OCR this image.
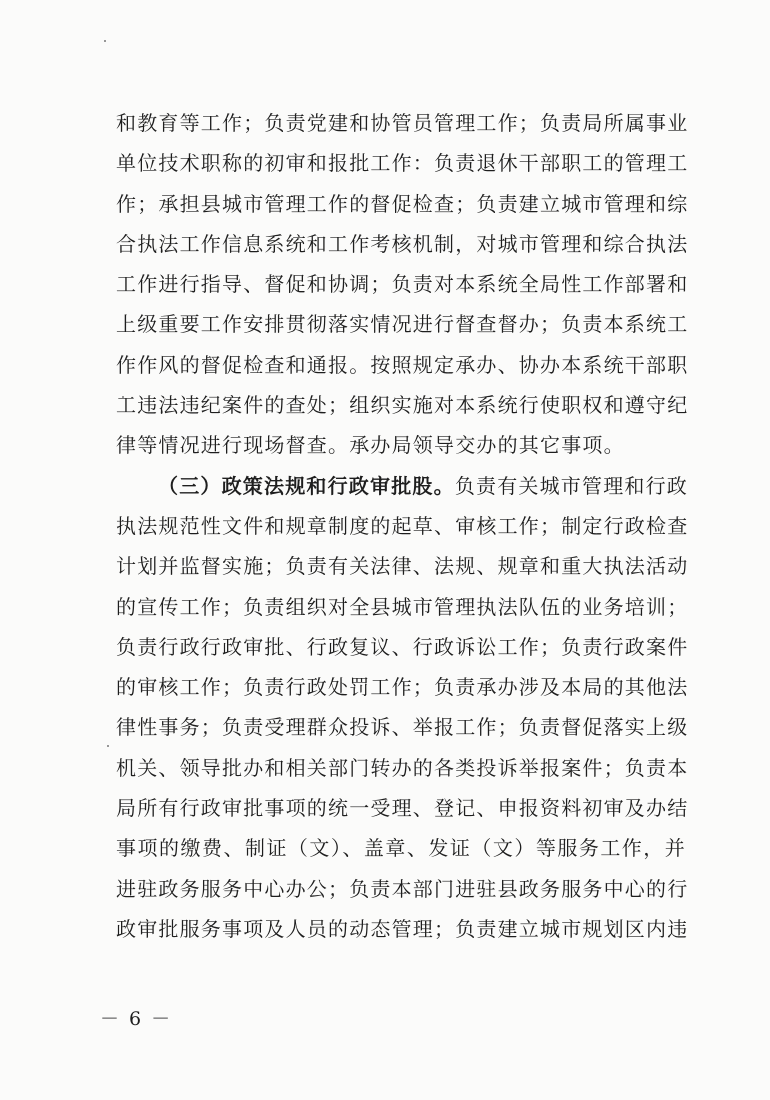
和教育等工作；负责党建和协管员管理工作；负责局所属事业
单位技术职称的初审和报批工作：负责退休干部职工的管理工
作；承担县城市管理工作的督促检查；负责建立城市管理和综
合执法工作信息系统和工作考核机制，对城市管理和综合执法
工作进行指导、督促和协调；负责对本系统全局性工作部署和
上级重要工作安排贯彻落实情况进行督查督办；负责本系统工
作作风的督促检查和通报。按照规定承办、协办本系统干部职
工违法违纪案件的查处；组织实施对本系统行使职权和遵守纪
律等情况进行现场督查。承办局领导交办的其它事项。
（三）政策法规和行政审批股。负责有关城市管理和行政
执法规范性文件和规章制度的起草、审核工作；制定行政检查
计划并监督实施；负责有关法律、法规、规章和重大执法活动
的宣传工作；负责组织对全县城市管理执法队伍的业务培训；
负责行政行政审批、行政复议、行政诉讼工作；负责行政案件
的审核工作；负责行政处罚工作；负责承办涉及本局的其他法
律性事务；负责受理群众投诉、举报工作；负责督促落实上级
机关、领导批办和相关部门转办的各类投诉举报案件；负责本
局所有行政审批事项的统一受理、登记、申报资料初审及办结
事项的缴费、制证（文）、盖章、发证（文）等服务工作，并
进驻政务服务中心办公；负责本部门进驻县政务服务中心的行
政审批服务事项及人员的动态管理；负责建立城市规划区内违
－ 6 －
